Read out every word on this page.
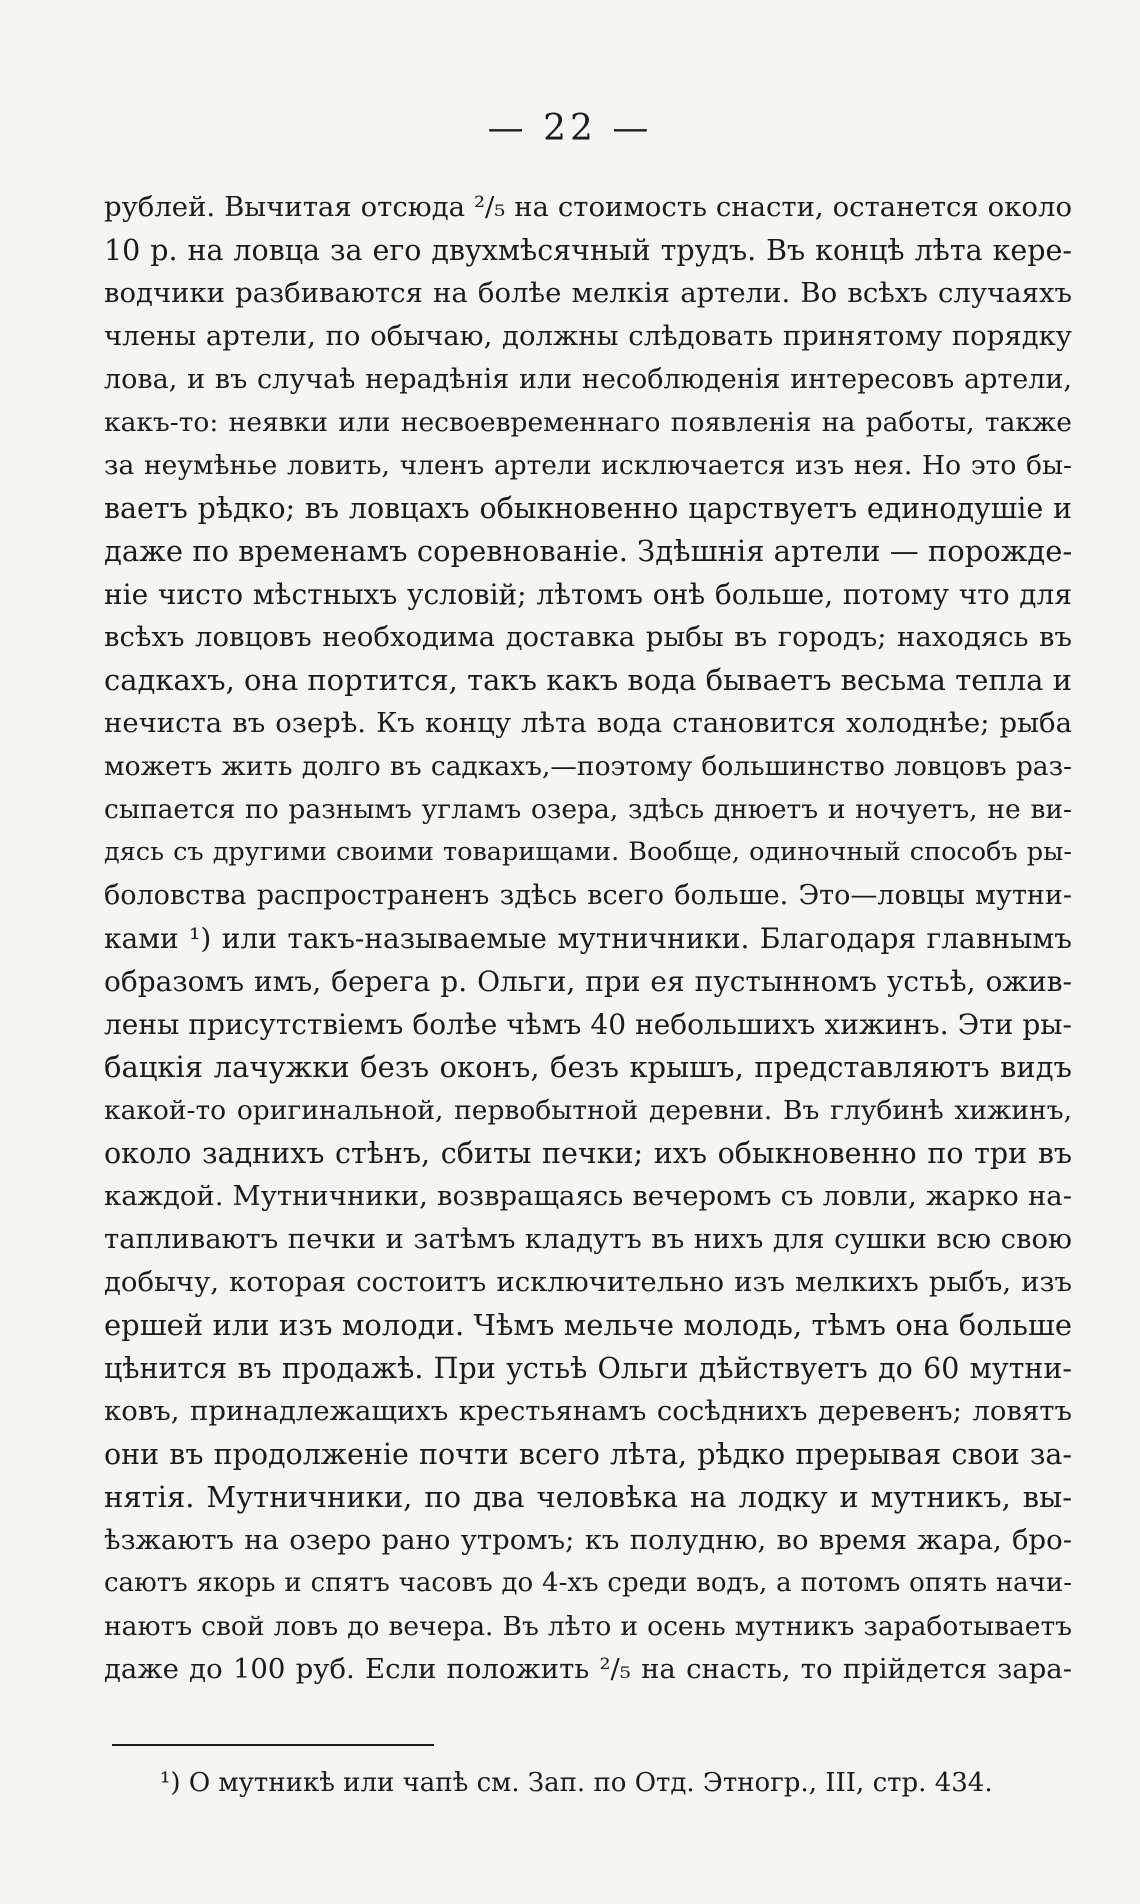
— 22 —
рублей. Вычитая отсюда ²/₅ на стоимость снасти, останется около
10 р. на ловца за его двухмѣсячный трудъ. Въ концѣ лѣта кере-
водчики разбиваются на болѣе мелкія артели. Во всѣхъ случаяхъ
члены артели, по обычаю, должны слѣдовать принятому порядку
лова, и въ случаѣ нерадѣнія или несоблюденія интересовъ артели,
какъ-то: неявки или несвоевременнаго появленія на работы, также
за неумѣнье ловить, членъ артели исключается изъ нея. Но это бы-
ваетъ рѣдко; въ ловцахъ обыкновенно царствуетъ единодушіе и
даже по временамъ соревнованіе. Здѣшнія артели — порожде-
ніе чисто мѣстныхъ условій; лѣтомъ онѣ больше, потому что для
всѣхъ ловцовъ необходима доставка рыбы въ городъ; находясь въ
садкахъ, она портится, такъ какъ вода бываетъ весьма тепла и
нечиста въ озерѣ. Къ концу лѣта вода становится холоднѣе; рыба
можетъ жить долго въ садкахъ,—поэтому большинство ловцовъ раз-
сыпается по разнымъ угламъ озера, здѣсь днюетъ и ночуетъ, не ви-
дясь съ другими своими товарищами. Вообще, одиночный способъ ры-
боловства распространенъ здѣсь всего больше. Это—ловцы мутни-
ками ¹) или такъ-называемые мутничники. Благодаря главнымъ
образомъ имъ, берега р. Ольги, при ея пустынномъ устьѣ, ожив-
лены присутствіемъ болѣе чѣмъ 40 небольшихъ хижинъ. Эти ры-
бацкія лачужки безъ оконъ, безъ крышъ, представляютъ видъ
какой-то оригинальной, первобытной деревни. Въ глубинѣ хижинъ,
около заднихъ стѣнъ, сбиты печки; ихъ обыкновенно по три въ
каждой. Мутничники, возвращаясь вечеромъ съ ловли, жарко на-
тапливаютъ печки и затѣмъ кладутъ въ нихъ для сушки всю свою
добычу, которая состоитъ исключительно изъ мелкихъ рыбъ, изъ
ершей или изъ молоди. Чѣмъ мельче молодь, тѣмъ она больше
цѣнится въ продажѣ. При устьѣ Ольги дѣйствуетъ до 60 мутни-
ковъ, принадлежащихъ крестьянамъ сосѣднихъ деревенъ; ловятъ
они въ продолженіе почти всего лѣта, рѣдко прерывая свои за-
нятія. Мутничники, по два человѣка на лодку и мутникъ, вы-
ѣзжаютъ на озеро рано утромъ; къ полудню, во время жара, бро-
саютъ якорь и спятъ часовъ до 4-хъ среди водъ, а потомъ опять начи-
наютъ свой ловъ до вечера. Въ лѣто и осень мутникъ заработываетъ
даже до 100 руб. Если положить ²/₅ на снасть, то прійдется зара-
¹) О мутникѣ или чапѣ см. Зап. по Отд. Этногр., III, стр. 434.
